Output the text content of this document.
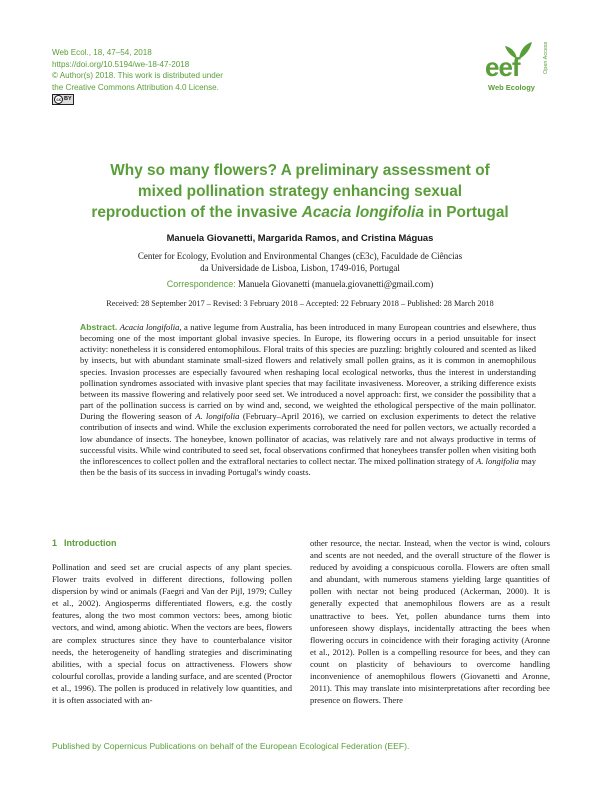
Web Ecol., 18, 47–54, 2018
https://doi.org/10.5194/we-18-47-2018
© Author(s) 2018. This work is distributed under
the Creative Commons Attribution 4.0 License.
cc BY
eef
Web Ecology
Open Access
Why so many flowers? A preliminary assessment of
mixed pollination strategy enhancing sexual
reproduction of the invasive Acacia longifolia in Portugal
Manuela Giovanetti, Margarida Ramos, and Cristina Máguas
Center for Ecology, Evolution and Environmental Changes (cE3c), Faculdade de Ciências
da Universidade de Lisboa, Lisbon, 1749-016, Portugal
Correspondence: Manuela Giovanetti (manuela.giovanetti@gmail.com)
Received: 28 September 2017 – Revised: 3 February 2018 – Accepted: 22 February 2018 – Published: 28 March 2018
Abstract. Acacia longifolia, a native legume from Australia, has been introduced in many European countries and elsewhere, thus becoming one of the most important global invasive species. In Europe, its flowering occurs in a period unsuitable for insect activity: nonetheless it is considered entomophilous. Floral traits of this species are puzzling: brightly coloured and scented as liked by insects, but with abundant staminate small-sized flowers and relatively small pollen grains, as it is common in anemophilous species. Invasion processes are especially favoured when reshaping local ecological networks, thus the interest in understanding pollination syndromes associated with invasive plant species that may facilitate invasiveness. Moreover, a striking difference exists between its massive flowering and relatively poor seed set. We introduced a novel approach: first, we consider the possibility that a part of the pollination success is carried on by wind and, second, we weighted the ethological perspective of the main pollinator. During the flowering season of A. longifolia (February–April 2016), we carried on exclusion experiments to detect the relative contribution of insects and wind. While the exclusion experiments corroborated the need for pollen vectors, we actually recorded a low abundance of insects. The honeybee, known pollinator of acacias, was relatively rare and not always productive in terms of successful visits. While wind contributed to seed set, focal observations confirmed that honeybees transfer pollen when visiting both the inflorescences to collect pollen and the extrafloral nectaries to collect nectar. The mixed pollination strategy of A. longifolia may then be the basis of its success in invading Portugal's windy coasts.
1 Introduction

Pollination and seed set are crucial aspects of any plant species. Flower traits evolved in different directions, following pollen dispersion by wind or animals (Faegri and Van der Pijl, 1979; Culley et al., 2002). Angiosperms differentiated flowers, e.g. the costly features, along the two most common vectors: bees, among biotic vectors, and wind, among abiotic. When the vectors are bees, flowers are complex structures since they have to counterbalance visitor needs, the heterogeneity of handling strategies and discriminating abilities, with a special focus on attractiveness. Flowers show colourful corollas, provide a landing surface, and are scented (Proctor et al., 1996). The pollen is produced in relatively low quantities, and it is often associated with an-

other resource, the nectar. Instead, when the vector is wind, colours and scents are not needed, and the overall structure of the flower is reduced by avoiding a conspicuous corolla. Flowers are often small and abundant, with numerous stamens yielding large quantities of pollen with nectar not being produced (Ackerman, 2000). It is generally expected that anemophilous flowers are as a result unattractive to bees. Yet, pollen abundance turns them into unforeseen showy displays, incidentally attracting the bees when flowering occurs in coincidence with their foraging activity (Aronne et al., 2012). Pollen is a compelling resource for bees, and they can count on plasticity of behaviours to overcome handling inconvenience of anemophilous flowers (Giovanetti and Aronne, 2011). This may translate into misinterpretations after recording bee presence on flowers. There

Published by Copernicus Publications on behalf of the European Ecological Federation (EEF).
